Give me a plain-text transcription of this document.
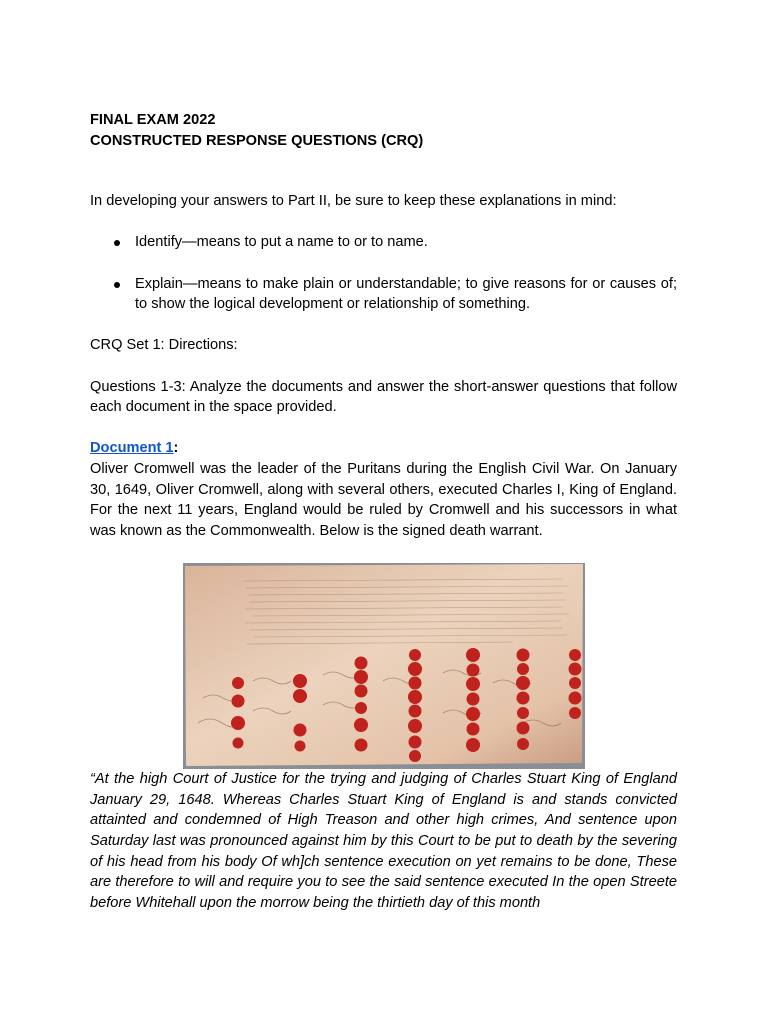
FINAL EXAM 2022

CONSTRUCTED RESPONSE QUESTIONS (CRQ)

In developing your answers to Part II, be sure to keep these explanations in mind:

Identify—means to put a name to or to name.
Explain—means to make plain or understandable; to give reasons for or causes of; to show the logical development or relationship of something.

CRQ Set 1: Directions:

Questions 1-3: Analyze the documents and answer the short-answer questions that follow each document in the space provided.

Document 1:

Oliver Cromwell was the leader of the Puritans during the English Civil War. On January 30, 1649, Oliver Cromwell, along with several others, executed Charles I, King of England. For the next 11 years, England would be ruled by Cromwell and his successors in what was known as the Commonwealth. Below is the signed death warrant.

“At the high Court of Justice for the trying and judging of Charles Stuart King of England January 29, 1648. Whereas Charles Stuart King of England is and stands convicted attainted and condemned of High Treason and other high crimes, And sentence upon Saturday last was pronounced against him by this Court to be put to death by the severing of his head from his body Of wh]ch sentence execution on yet remains to be done, These are therefore to will and require you to see the said sentence executed In the open Streete before Whitehall upon the morrow being the thirtieth day of this month
